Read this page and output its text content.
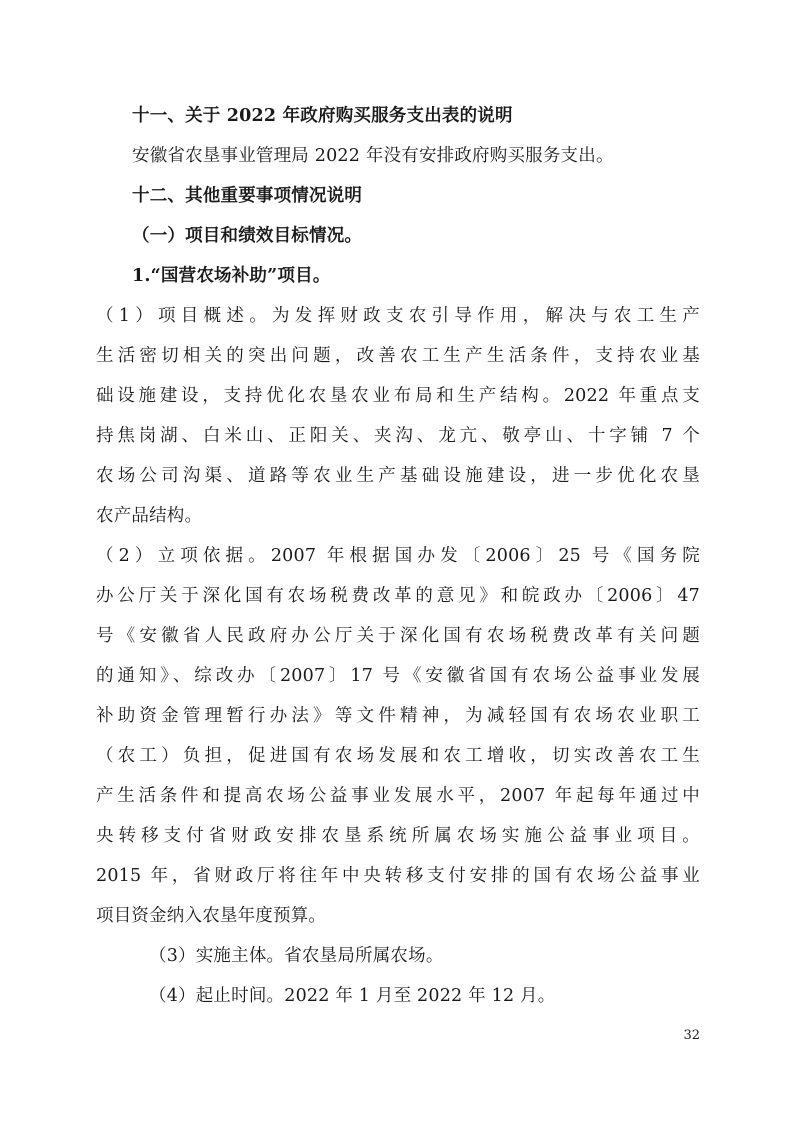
十一、关于 2022 年政府购买服务支出表的说明
安徽省农垦事业管理局 2022 年没有安排政府购买服务支出。
十二、其他重要事项情况说明
（一）项目和绩效目标情况。
1.“国营农场补助”项目。
（1）项目概述。为发挥财政支农引导作用，解决与农工生产
生活密切相关的突出问题，改善农工生产生活条件，支持农业基
础设施建设，支持优化农垦农业布局和生产结构。2022 年重点支
持焦岗湖、白米山、正阳关、夹沟、龙亢、敬亭山、十字铺 7 个
农场公司沟渠、道路等农业生产基础设施建设，进一步优化农垦
农产品结构。
（2）立项依据。2007 年根据国办发〔2006〕25 号《国务院
办公厅关于深化国有农场税费改革的意见》和皖政办〔2006〕47
号《安徽省人民政府办公厅关于深化国有农场税费改革有关问题
的通知》、综改办〔2007〕17 号《安徽省国有农场公益事业发展
补助资金管理暂行办法》等文件精神，为减轻国有农场农业职工
（农工）负担，促进国有农场发展和农工增收，切实改善农工生
产生活条件和提高农场公益事业发展水平，2007 年起每年通过中
央转移支付省财政安排农垦系统所属农场实施公益事业项目。
2015 年，省财政厅将往年中央转移支付安排的国有农场公益事业
项目资金纳入农垦年度预算。
（3）实施主体。省农垦局所属农场。
（4）起止时间。2022 年 1 月至 2022 年 12 月。
32
